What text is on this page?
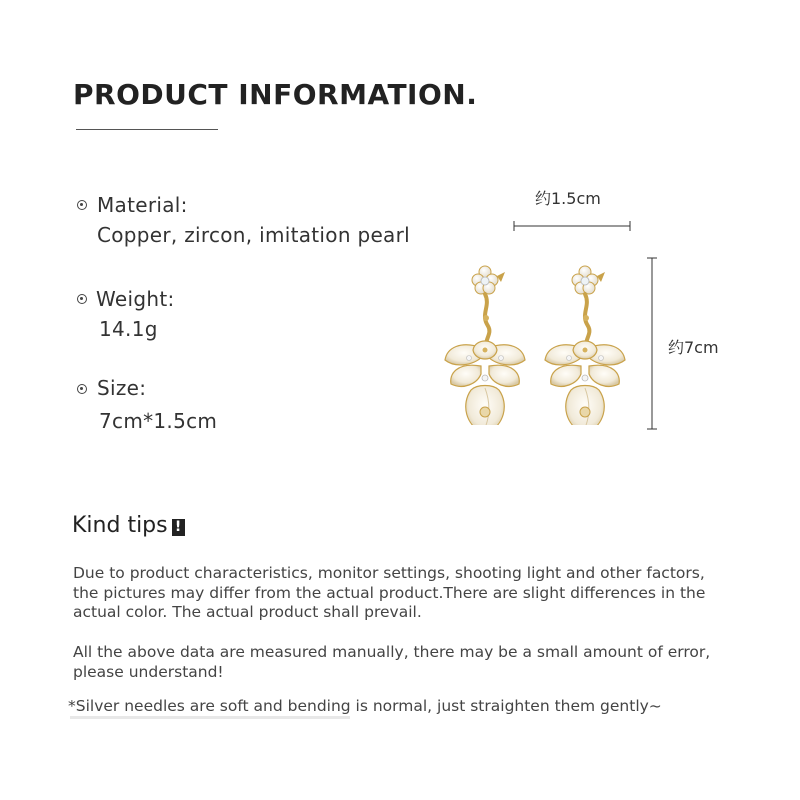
PRODUCT INFORMATION.
Material:
Copper, zircon, imitation pearl
Weight:
14.1g
Size:
7cm*1.5cm
约1.5cm
约7cm
Kind tips !
Due to product characteristics, monitor settings, shooting light and other factors, the pictures may differ from the actual product.There are slight differences in the actual color. The actual product shall prevail.
All the above data are measured manually, there may be a small amount of error, please understand!
*Silver needles are soft and bending is normal, just straighten them gently~
